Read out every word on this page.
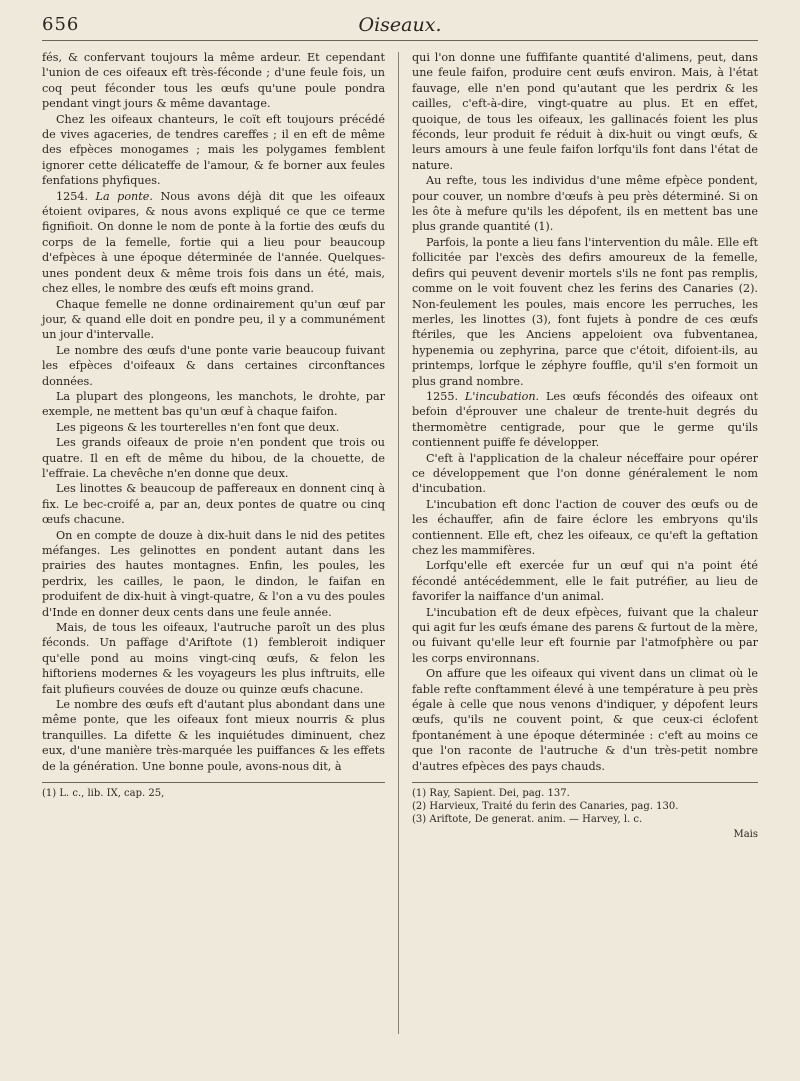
656	Oiseaux.

fés, & confervant toujours la même ardeur. Et cependant l'union de ces oifeaux eft très-féconde ; d'une feule fois, un coq peut féconder tous les œufs qu'une poule pondra pendant vingt jours & même davantage.

Chez les oifeaux chanteurs, le coït eft toujours précédé de vives agaceries, de tendres careffes ; il en eft de même des efpèces monogames ; mais les polygames femblent ignorer cette délicateffe de l'amour, & fe borner aux feules fenfations phyfiques.

1254. La ponte. Nous avons déjà dit que les oifeaux étoient ovipares, & nous avons expliqué ce que ce terme fignifioit. On donne le nom de ponte à la fortie des œufs du corps de la femelle, fortie qui a lieu pour beaucoup d'efpèces à une époque déterminée de l'année. Quelques-unes pondent deux & même trois fois dans un été, mais, chez elles, le nombre des œufs eft moins grand.

Chaque femelle ne donne ordinairement qu'un œuf par jour, & quand elle doit en pondre peu, il y a communément un jour d'intervalle.

Le nombre des œufs d'une ponte varie beaucoup fuivant les efpèces d'oifeaux & dans certaines circonftances données.

La plupart des plongeons, les manchots, le drohte, par exemple, ne mettent bas qu'un œuf à chaque faifon.

Les pigeons & les tourterelles n'en font que deux.

Les grands oifeaux de proie n'en pondent que trois ou quatre. Il en eft de même du hibou, de la chouette, de l'effraie. La chevêche n'en donne que deux.

Les linottes & beaucoup de paffereaux en donnent cinq à fix. Le bec-croifé a, par an, deux pontes de quatre ou cinq œufs chacune.

On en compte de douze à dix-huit dans le nid des petites méfanges. Les gelinottes en pondent autant dans les prairies des hautes montagnes. Enfin, les poules, les perdrix, les cailles, le paon, le dindon, le faifan en produifent de dix-huit à vingt-quatre, & l'on a vu des poules d'Inde en donner deux cents dans une feule année.

Mais, de tous les oifeaux, l'autruche paroît un des plus féconds. Un paffage d'Ariftote (1) fembleroit indiquer qu'elle pond au moins vingt-cinq œufs, & felon les hiftoriens modernes & les voyageurs les plus inftruits, elle fait plufieurs couvées de douze ou quinze œufs chacune.

Le nombre des œufs eft d'autant plus abondant dans une même ponte, que les oifeaux font mieux nourris & plus tranquilles. La difette & les inquiétudes diminuent, chez eux, d'une manière très-marquée les puiffances & les effets de la génération. Une bonne poule, avons-nous dit, à

(1) L. c., lib. IX, cap. 25,

qui l'on donne une fuffifante quantité d'alimens, peut, dans une feule faifon, produire cent œufs environ. Mais, à l'état fauvage, elle n'en pond qu'autant que les perdrix & les cailles, c'eft-à-dire, vingt-quatre au plus. Et en effet, quoique, de tous les oifeaux, les gallinacés foient les plus féconds, leur produit fe réduit à dix-huit ou vingt œufs, & leurs amours à une feule faifon lorfqu'ils font dans l'état de nature.

Au refte, tous les individus d'une même efpèce pondent, pour couver, un nombre d'œufs à peu près déterminé. Si on les ôte à mefure qu'ils les dépofent, ils en mettent bas une plus grande quantité (1).

Parfois, la ponte a lieu fans l'intervention du mâle. Elle eft follicitée par l'excès des defirs amoureux de la femelle, defirs qui peuvent devenir mortels s'ils ne font pas remplis, comme on le voit fouvent chez les ferins des Canaries (2). Non-feulement les poules, mais encore les perruches, les merles, les linottes (3), font fujets à pondre de ces œufs ftériles, que les Anciens appeloient ova fubventanea, hypenemia ou zephyrina, parce que c'étoit, difoient-ils, au printemps, lorfque le zéphyre fouffle, qu'il s'en formoit un plus grand nombre.

1255. L'incubation. Les œufs fécondés des oifeaux ont befoin d'éprouver une chaleur de trente-huit degrés du thermomètre centigrade, pour que le germe qu'ils contiennent puiffe fe développer.

C'eft à l'application de la chaleur néceffaire pour opérer ce développement que l'on donne généralement le nom d'incubation.

L'incubation eft donc l'action de couver des œufs ou de les échauffer, afin de faire éclore les embryons qu'ils contiennent. Elle eft, chez les oifeaux, ce qu'eft la geftation chez les mammifères.

Lorfqu'elle eft exercée fur un œuf qui n'a point été fécondé antécédemment, elle le fait putréfier, au lieu de favorifer la naiffance d'un animal.

L'incubation eft de deux efpèces, fuivant que la chaleur qui agit fur les œufs émane des parens & furtout de la mère, ou fuivant qu'elle leur eft fournie par l'atmofphère ou par les corps environnans.

On affure que les oifeaux qui vivent dans un climat où le fable refte conftamment élevé à une température à peu près égale à celle que nous venons d'indiquer, y dépofent leurs œufs, qu'ils ne couvent point, & que ceux-ci éclofent fpontanément à une époque déterminée : c'eft au moins ce que l'on raconte de l'autruche & d'un très-petit nombre d'autres efpèces des pays chauds.

(1) Ray, Sapient. Dei, pag. 137.

(2) Harvieux, Traité du ferin des Canaries, pag. 130.

(3) Ariftote, De generat. anim. — Harvey, l. c.

Mais
